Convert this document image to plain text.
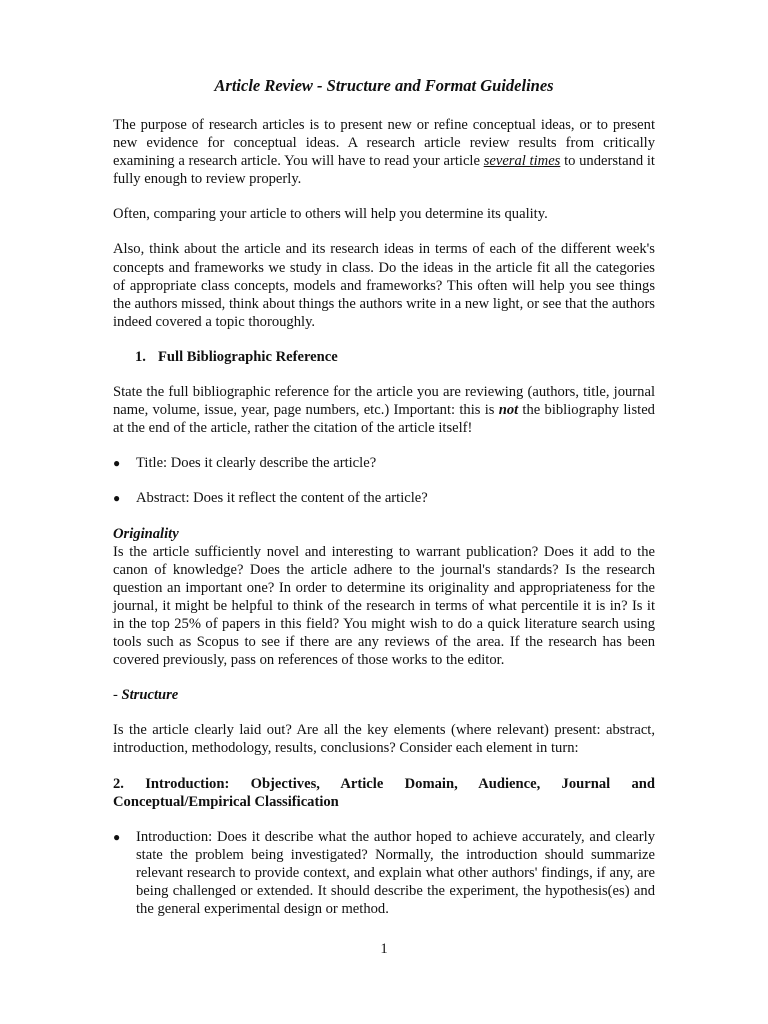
Article Review - Structure and Format Guidelines

The purpose of research articles is to present new or refine conceptual ideas, or to present new evidence for conceptual ideas. A research article review results from critically examining a research article. You will have to read your article several times to understand it fully enough to review properly.

Often, comparing your article to others will help you determine its quality.

Also, think about the article and its research ideas in terms of each of the different week's concepts and frameworks we study in class. Do the ideas in the article fit all the categories of appropriate class concepts, models and frameworks? This often will help you see things the authors missed, think about things the authors write in a new light, or see that the authors indeed covered a topic thoroughly.

1. Full Bibliographic Reference

State the full bibliographic reference for the article you are reviewing (authors, title, journal name, volume, issue, year, page numbers, etc.) Important: this is not the bibliography listed at the end of the article, rather the citation of the article itself!

●	Title: Does it clearly describe the article?
●	Abstract: Does it reflect the content of the article?

Originality
Is the article sufficiently novel and interesting to warrant publication? Does it add to the canon of knowledge? Does the article adhere to the journal's standards? Is the research question an important one? In order to determine its originality and appropriateness for the journal, it might be helpful to think of the research in terms of what percentile it is in? Is it in the top 25% of papers in this field? You might wish to do a quick literature search using tools such as Scopus to see if there are any reviews of the area. If the research has been covered previously, pass on references of those works to the editor.

- Structure

Is the article clearly laid out? Are all the key elements (where relevant) present: abstract, introduction, methodology, results, conclusions? Consider each element in turn:

2. Introduction: Objectives, Article Domain, Audience, Journal and Conceptual/Empirical Classification
●	Introduction: Does it describe what the author hoped to achieve accurately, and clearly state the problem being investigated? Normally, the introduction should summarize relevant research to provide context, and explain what other authors' findings, if any, are being challenged or extended. It should describe the experiment, the hypothesis(es) and the general experimental design or method.
1
